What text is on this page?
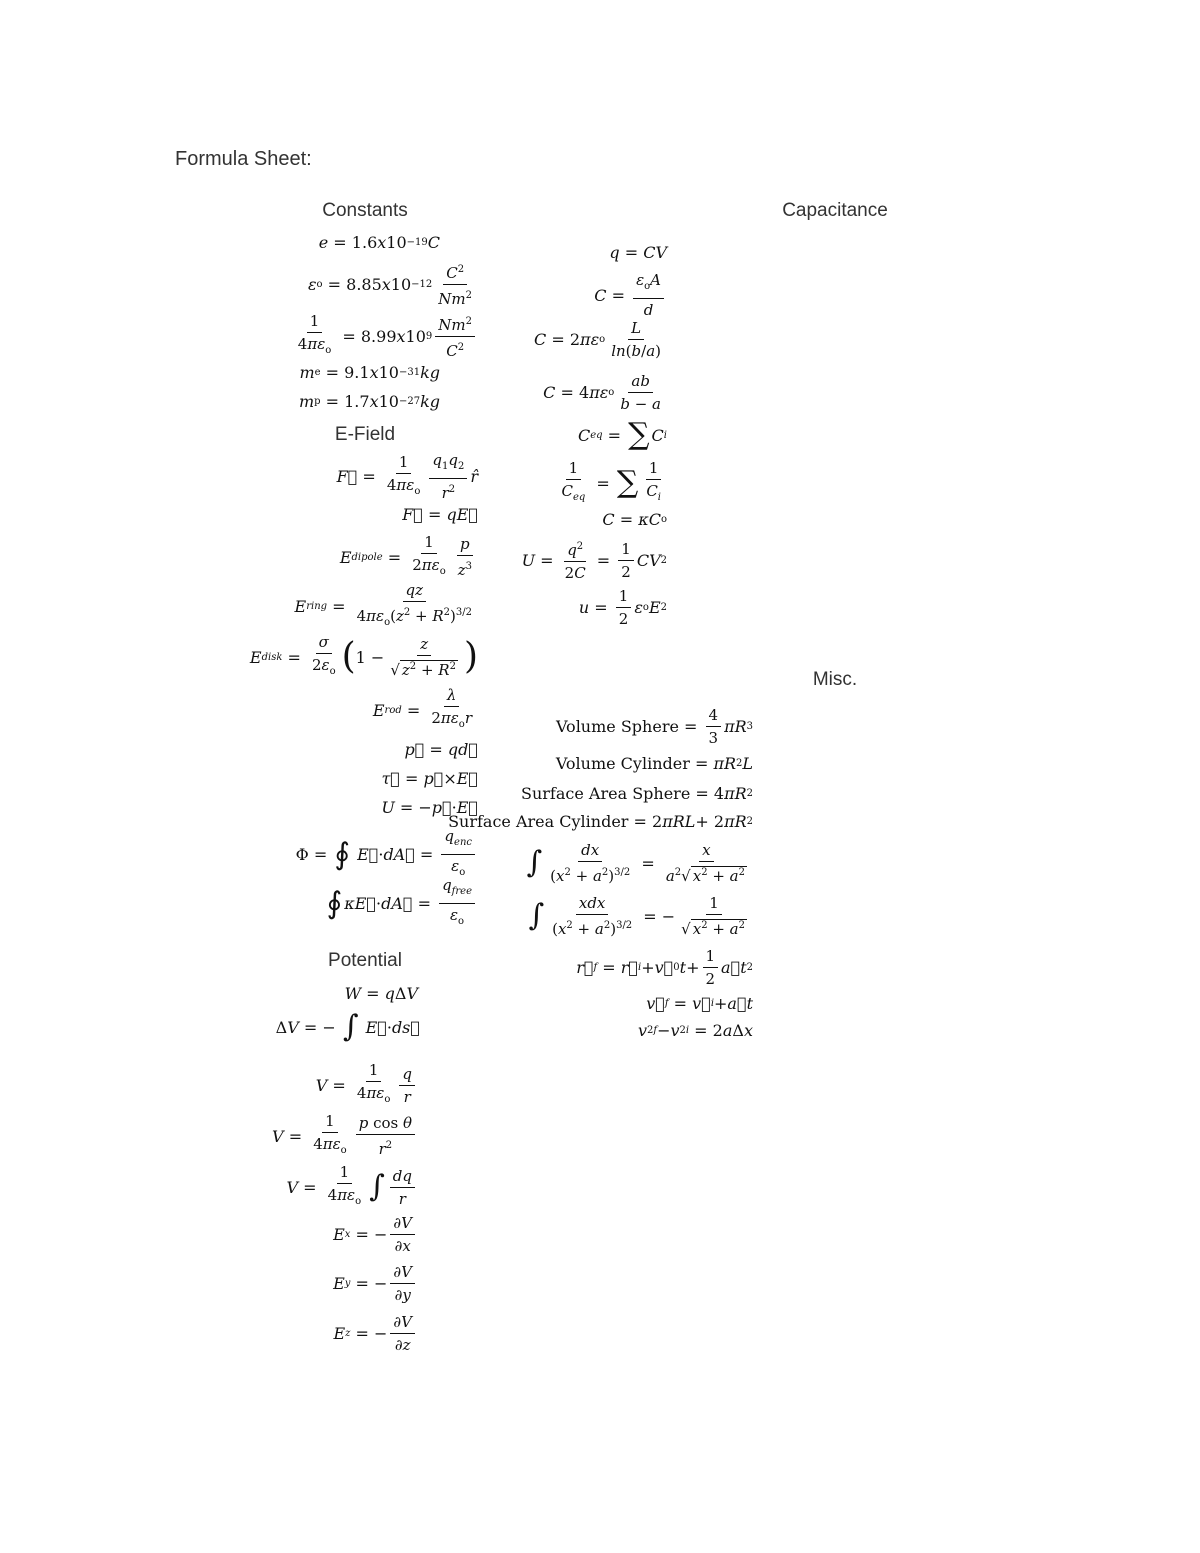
Formula Sheet:
Constants
e = 1.6 x 10 −19 C
ε o = 8.85 x $10 -12 \frac{C^2}{Nm^2}$
$\frac{1}{4\pi\varepsilon_o} = 8.99$ x 10 $9 \frac{Nm^2}{C^2}$
m e = 9.1 x 10 −31 kg
m p = 1.7 x 10 −27 kg
E-Field
F⃗ = $\frac{1}{4\pi\varepsilon_o} \frac{q_1q_2}{r^2}$ r̂
F⃗ = qE⃗
E dipole = $\frac{1}{2\pi\varepsilon_o} \frac{p}{z^3}$
E ring = $\frac{qz}{4\pi\varepsilon_o(z^2 + R^2)^{3/2}}$
E disk = $\frac{\sigma}{2\varepsilon_o}$ ( $1 - \frac{z}{√ z^2 + R^2}$ )
E rod = $\frac{\lambda}{2\pi\varepsilon_or}$
p⃗ = qd⃗
τ⃗ = p⃗ × E⃗
U = − p⃗ · E⃗
Φ = ∮
E⃗ · dA⃗ = $\frac{q_{enc}}{\varepsilon_o}$
∮ κE⃗ · dA⃗ = $\frac{q_{free}}{\varepsilon_o}$
Potential
W = q Δ V
Δ V = − ∫
E⃗ · ds⃗
$V = \frac{1}{4\pi\varepsilon_o} \frac{q}{r}$
$V = \frac{1}{4\pi\varepsilon_o} \frac{\text{p cos θ}}{r^2}$
$V = \frac{1}{4\pi\varepsilon_o}$ ∫ $\frac{dq}{r}$
E x = − $\frac{\partial V}{\partial x}$
E y = − $\frac{\partial V}{\partial y}$
E z = − $\frac{\partial V}{\partial z}$
Capacitance
q = CV
$C = \frac{\varepsilon_oA}{d}$
C = 2 π ε o $\frac{L}{\ln(b/a)}$
C = 4 π ε o $\frac{ab}{b - a}$
C eq = ∑ C i
$\frac{1}{C_{eq}}$ = ∑ $\frac{1}{C_i}$
C = κC o
$U = \frac{q^2}{2C} = \frac{1}{2}$ CV 2
$u = \frac{1}{2}$ ε o E 2
Misc.
Volume Sphere = $\frac{4}{3}$ π R 3
Volume Cylinder = π R 2 L
Surface Area Sphere = 4 π R 2
Surface Area Cylinder = 2 π RL + 2 π R 2
∫ $\frac{dx}{(x^2 + a^2)^{3/2}} = \frac{x}{a^2√ x^2 + a^2}$
∫ $\frac{\text{xdx}}{(x^2 + a^2)^{3/2}}$ = − $\frac{1}{√ x^2 + a^2}$
r⃗ f = r⃗ i + v⃗ 0 $t + \frac{1}{2}$ a⃗t 2
v⃗ f = v⃗ i + a⃗t
v 2 f − v 2 i = 2 a Δ x
